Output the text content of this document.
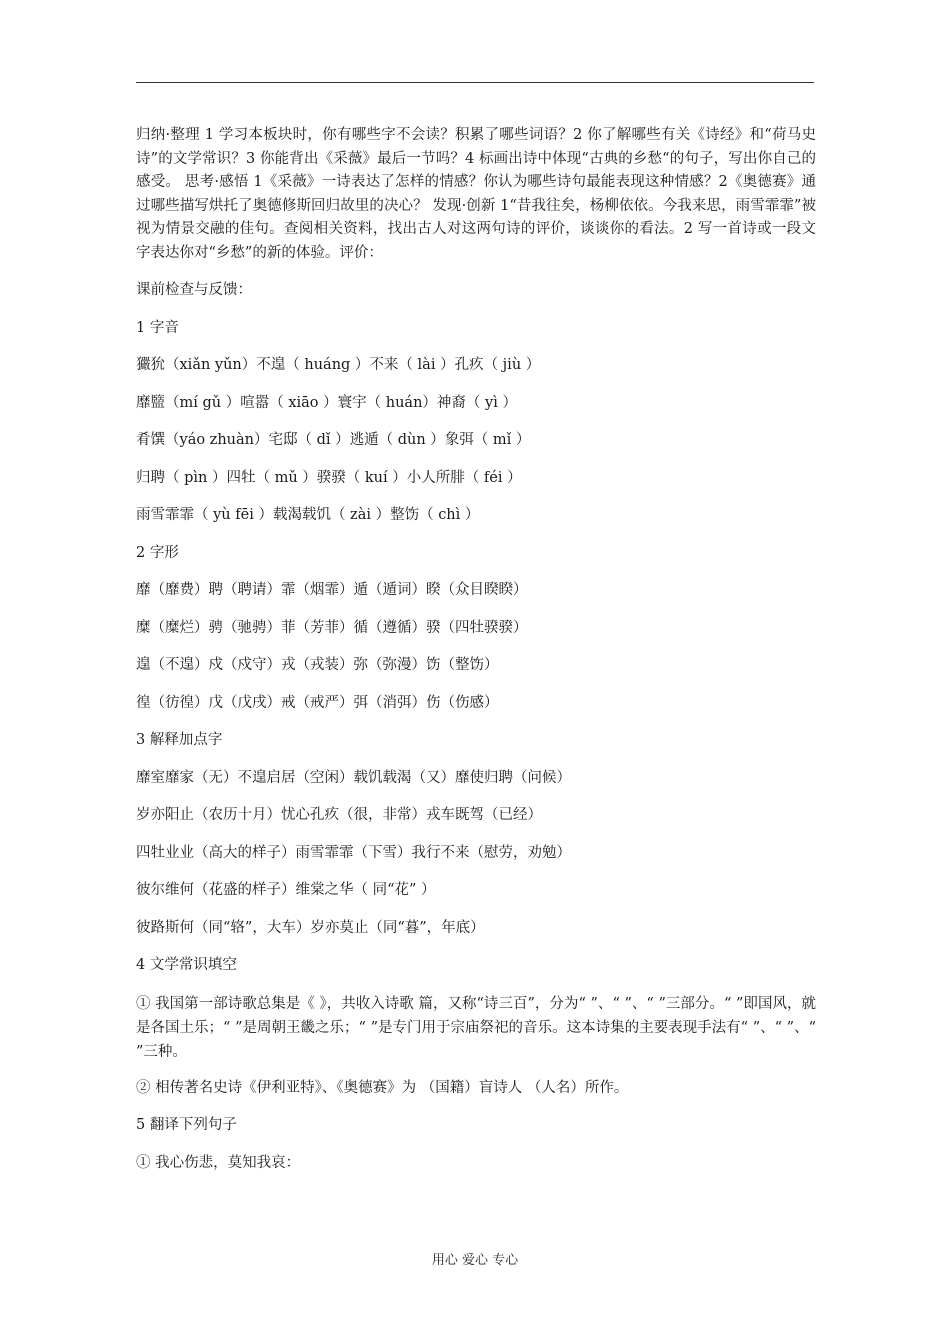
归纳·整理 1 学习本板块时，你有哪些字不会读？积累了哪些词语？2 你了解哪些有关《诗经》和“荷马史诗”的文学常识？3 你能背出《采薇》最后一节吗？4 标画出诗中体现“古典的乡愁“的句子，写出你自己的感受。 思考·感悟 1《采薇》一诗表达了怎样的情感？你认为哪些诗句最能表现这种情感？2《奥德赛》通过哪些描写烘托了奥德修斯回归故里的决心？ 发现·创新 1“昔我往矣，杨柳依依。今我来思，雨雪霏霏”被视为情景交融的佳句。查阅相关资料，找出古人对这两句诗的评价，谈谈你的看法。2 写一首诗或一段文字表达你对“乡愁”的新的体验。评价：

课前检查与反馈：
1 字音
玁狁（xiǎn yǔn）不遑（ huáng ）不来（ lài ）孔疚（ jiù ）
靡盬（mí gǔ ）喧嚣（ xiāo ）寰宇（ huán）神裔（ yì ）
肴馔（yáo zhuàn）宅邸（ dǐ ）逃遁（ dùn ）象弭（ mǐ ）
归聘（ pìn ）四牡（ mǔ ）骙骙（ kuí ）小人所腓（ féi ）
雨雪霏霏（ yù fēi ）载渴载饥（ zài ）整饬（ chì ）
2 字形
靡（靡费）聘（聘请）霏（烟霏）遁（遁词）睽（众目睽睽）
糜（糜烂）骋（驰骋）菲（芳菲）循（遵循）骙（四牡骙骙）
遑（不遑）戍（戍守）戎（戎装）弥（弥漫）饬（整饬）
徨（彷徨）戊（戊戌）戒（戒严）弭（消弭）伤（伤感）
3 解释加点字
靡室靡家（无）不遑启居（空闲）载饥载渴（又）靡使归聘（问候）
岁亦阳止（农历十月）忧心孔疚（很，非常）戎车既驾（已经）
四牡业业（高大的样子）雨雪霏霏（下雪）我行不来（慰劳，劝勉）
彼尔维何（花盛的样子）维棠之华（ 同“花” ）
彼路斯何（同“辂”，大车）岁亦莫止（同“暮”，年底）
4 文学常识填空

① 我国第一部诗歌总集是《 》，共收入诗歌 篇，又称“诗三百”，分为“ ”、“ ”、“ ”三部分。“ ”即国风，就是各国土乐；“ ”是周朝王畿之乐；“ ”是专门用于宗庙祭祀的音乐。这本诗集的主要表现手法有“ ”、“ ”、“ ”三种。

② 相传著名史诗《伊利亚特》、《奥德赛》为 （国籍）盲诗人 （人名）所作。
5 翻译下列句子
① 我心伤悲，莫知我哀：
用心 爱心 专心
